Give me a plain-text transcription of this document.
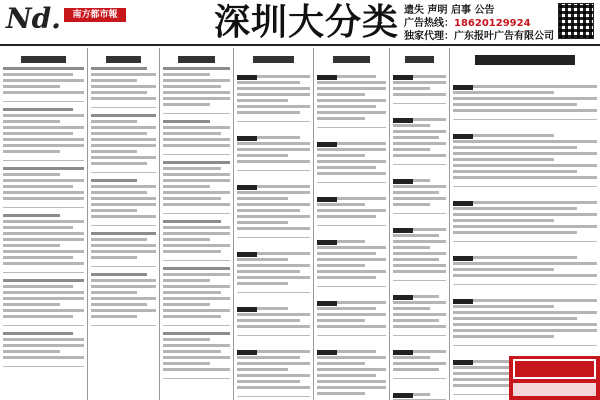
Nd.	南方都市報	深圳大分类 遗失 声明 启事 公告
广告热线：18620129924
独家代理：广东报叶广告有限公司
